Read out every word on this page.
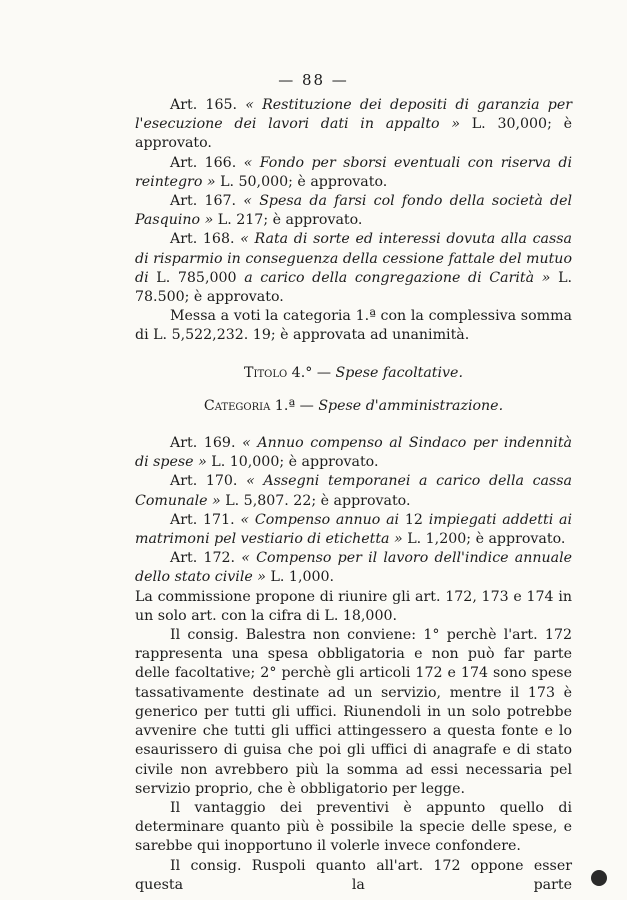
— 88 —

Art. 165. « Restituzione dei depositi di garanzia per l'esecuzione dei lavori dati in appalto » L. 30,000; è approvato.

Art. 166. « Fondo per sborsi eventuali con riserva di reintegro » L. 50,000; è approvato.

Art. 167. « Spesa da farsi col fondo della società del Pasquino » L. 217; è approvato.

Art. 168. « Rata di sorte ed interessi dovuta alla cassa di risparmio in conseguenza della cessione fattale del mutuo di L. 785,000 a carico della congregazione di Carità » L. 78.500; è approvato.

Messa a voti la categoria 1.ª con la complessiva somma di L. 5,522,232. 19; è approvata ad unanimità.

Titolo 4.° — Spese facoltative.

Categoria 1.ª — Spese d'amministrazione.

Art. 169. « Annuo compenso al Sindaco per indennità di spese » L. 10,000; è approvato.

Art. 170. « Assegni temporanei a carico della cassa Comunale » L. 5,807. 22; è approvato.

Art. 171. « Compenso annuo ai 12 impiegati addetti ai matrimoni pel vestiario di etichetta » L. 1,200; è approvato.

Art. 172. « Compenso per il lavoro dell'indice annuale dello stato civile » L. 1,000.

La commissione propone di riunire gli art. 172, 173 e 174 in un solo art. con la cifra di L. 18,000.

Il consig. Balestra non conviene: 1° perchè l'art. 172 rappresenta una spesa obbligatoria e non può far parte delle facoltative; 2° perchè gli articoli 172 e 174 sono spese tassativamente destinate ad un servizio, mentre il 173 è generico per tutti gli uffici. Riunendoli in un solo potrebbe avvenire che tutti gli uffici attingessero a questa fonte e lo esaurissero di guisa che poi gli uffici di anagrafe e di stato civile non avrebbero più la somma ad essi necessaria pel servizio proprio, che è obbligatorio per legge.

Il vantaggio dei preventivi è appunto quello di determinare quanto più è possibile la specie delle spese, e sarebbe qui inopportuno il volerle invece confondere.

Il consig. Ruspoli quanto all'art. 172 oppone esser questa la parte
